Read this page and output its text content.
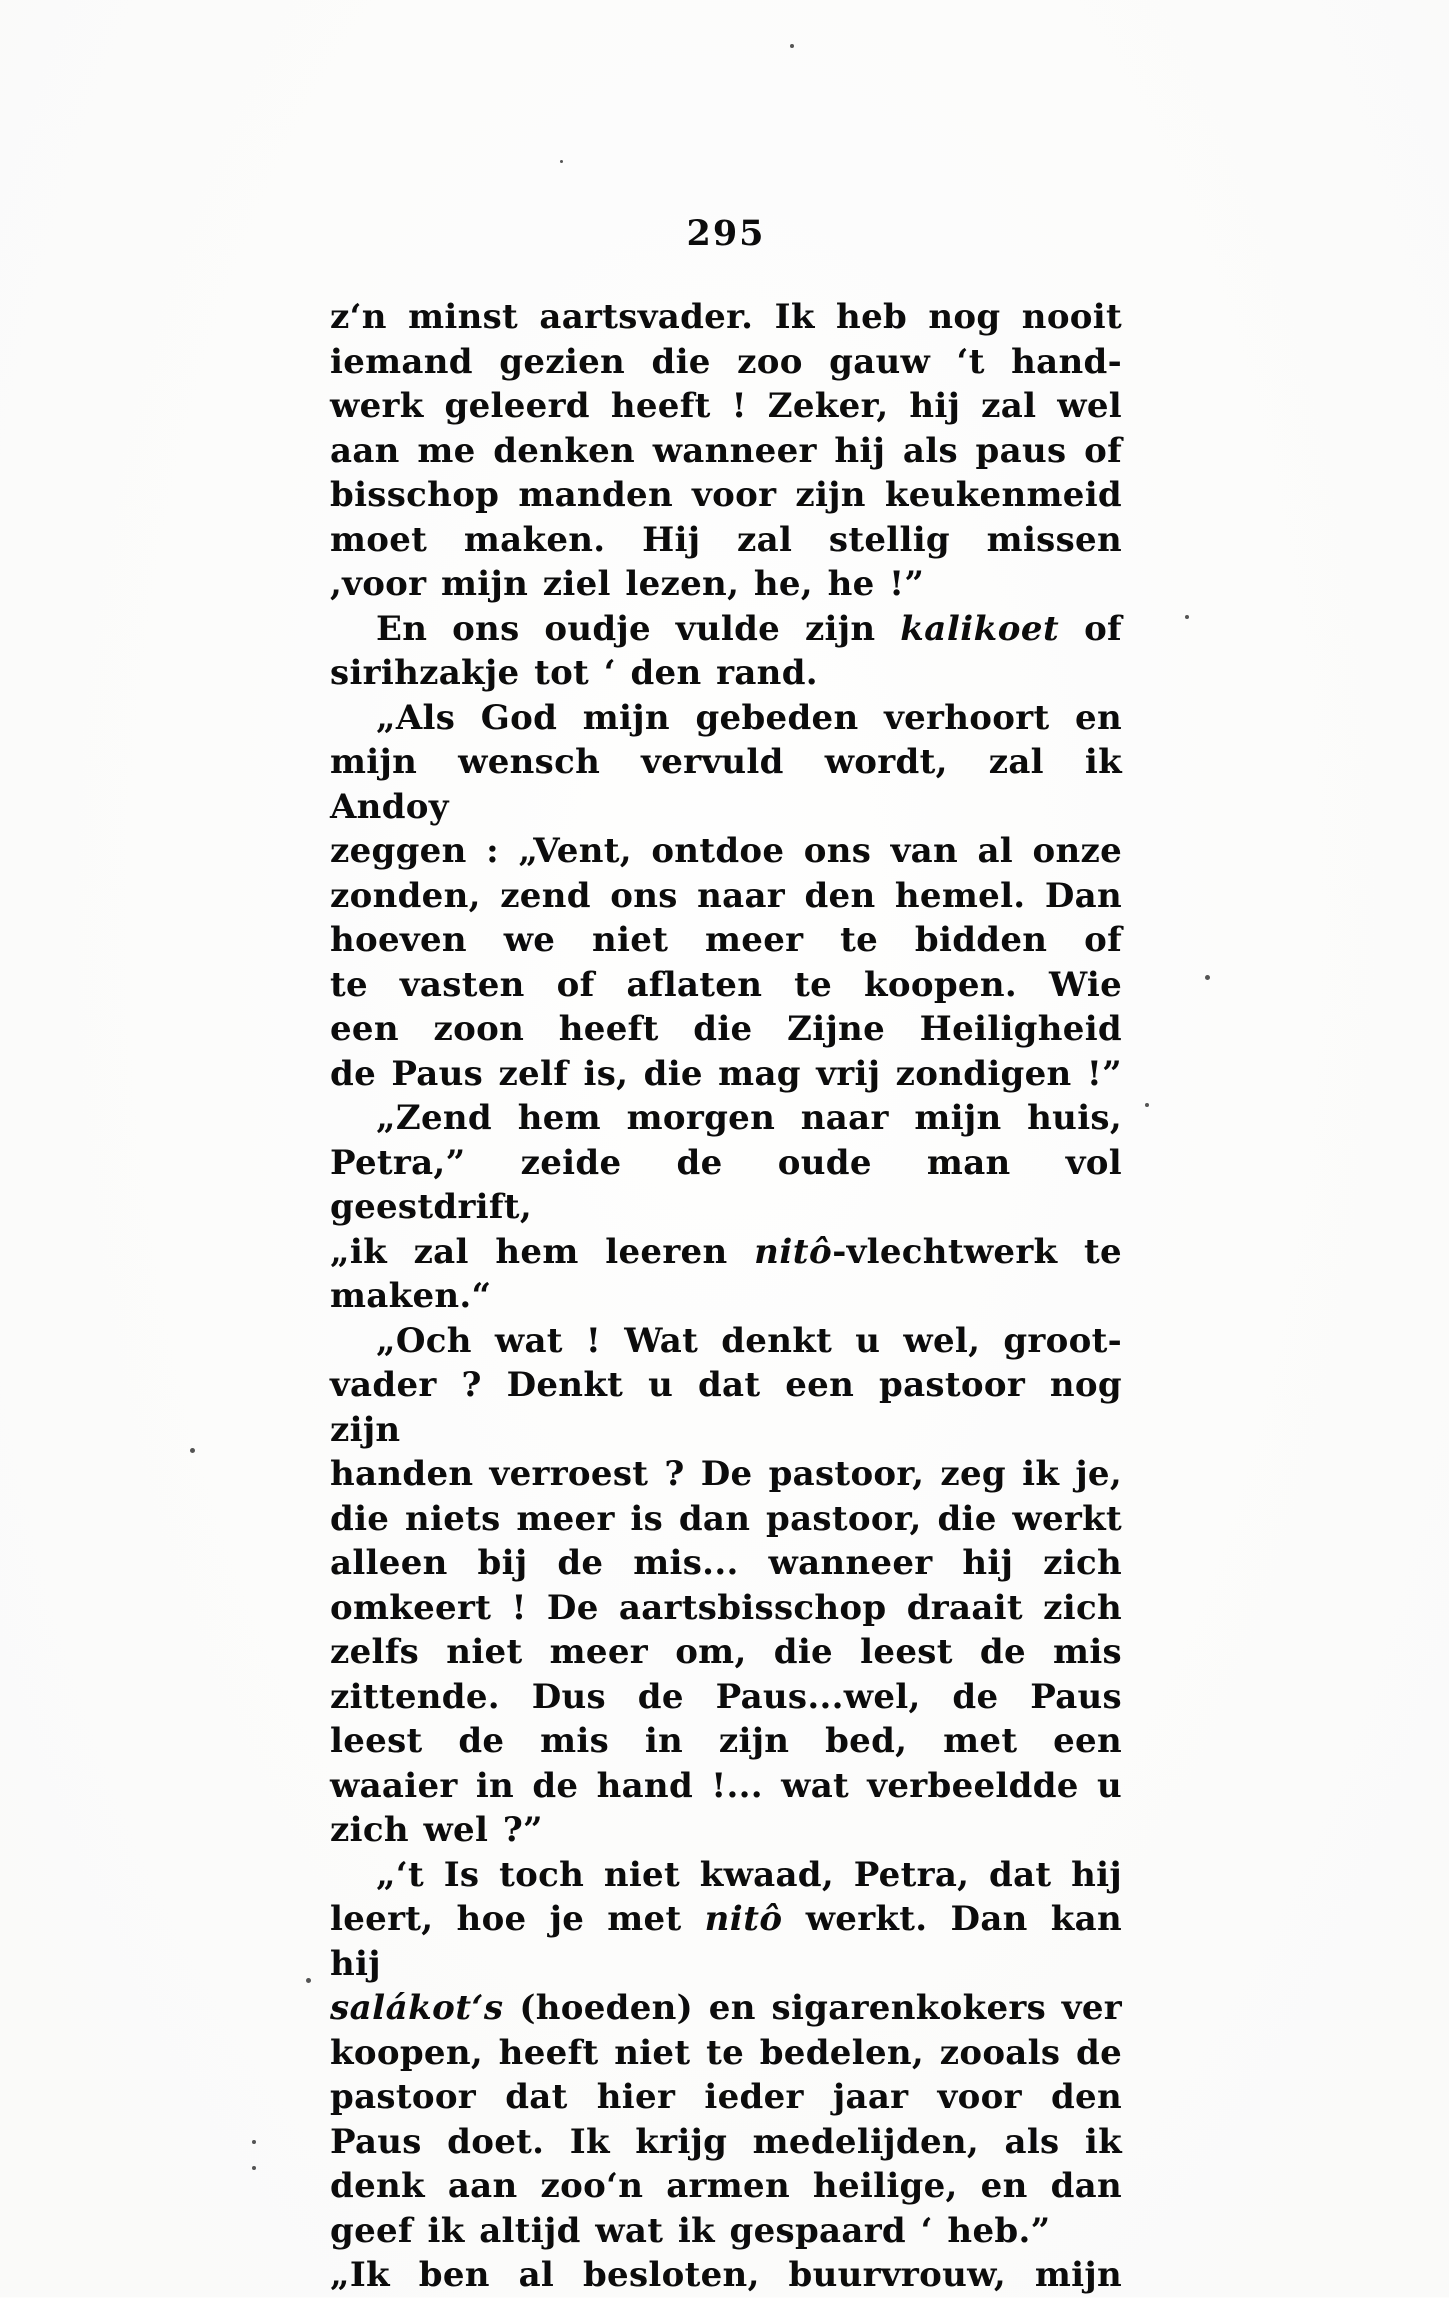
295
z‘n minst aartsvader. Ik heb nog nooit
iemand gezien die zoo gauw ‘t hand-
werk geleerd heeft ! Zeker, hij zal wel
aan me denken wanneer hij als paus of
bisschop manden voor zijn keukenmeid
moet maken. Hij zal stellig missen
,voor mijn ziel lezen, he, he !”
En ons oudje vulde zijn kalikoet of
sirihzakje tot ‘ den rand.
„Als God mijn gebeden verhoort en
mijn wensch vervuld wordt, zal ik Andoy
zeggen : „Vent, ontdoe ons van al onze
zonden, zend ons naar den hemel. Dan
hoeven we niet meer te bidden of
te vasten of aflaten te koopen. Wie
een zoon heeft die Zijne Heiligheid
de Paus zelf is, die mag vrij zondigen !”
„Zend hem morgen naar mijn huis,
Petra,” zeide de oude man vol geestdrift,
„ik zal hem leeren nitô-vlechtwerk te
maken.“
„Och wat ! Wat denkt u wel, groot-
vader ? Denkt u dat een pastoor nog zijn
handen verroest ? De pastoor, zeg ik je,
die niets meer is dan pastoor, die werkt
alleen bij de mis... wanneer hij zich
omkeert ! De aartsbisschop draait zich
zelfs niet meer om, die leest de mis
zittende. Dus de Paus...wel, de Paus
leest de mis in zijn bed, met een
waaier in de hand !... wat verbeeldde u
zich wel ?”
„‘t Is toch niet kwaad, Petra, dat hij
leert, hoe je met nitô werkt. Dan kan hij
salákot‘s (hoeden) en sigarenkokers ver
koopen, heeft niet te bedelen, zooals de
pastoor dat hier ieder jaar voor den
Paus doet. Ik krijg medelijden, als ik
denk aan zoo‘n armen heilige, en dan
geef ik altijd wat ik gespaard ‘ heb.”
„Ik ben al besloten, buurvrouw, mijn
